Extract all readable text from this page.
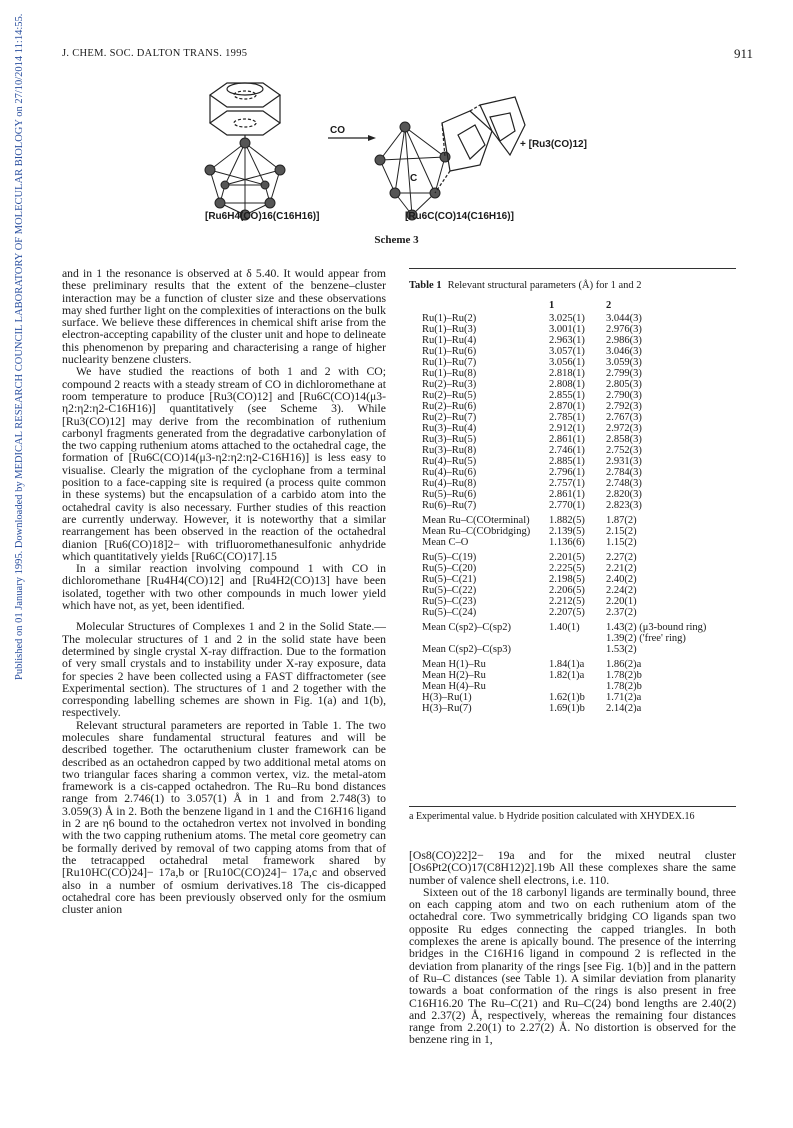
Published on 01 January 1995. Downloaded by MEDICAL RESEARCH COUNCIL LABORATORY OF MOLECULAR BIOLOGY on 27/10/2014 11:14:55.	J. CHEM. SOC. DALTON TRANS. 1995	911
C
CO
+ [Ru3(CO)12]
[Ru6H4(CO)16(C16H16)]	[Ru6C(CO)14(C16H16)]
Scheme 3

and in 1 the resonance is observed at δ 5.40. It would appear from these preliminary results that the extent of the benzene–cluster interaction may be a function of cluster size and these observations may shed further light on the complexities of interactions on the bulk surface. We believe these differences in chemical shift arise from the electron-accepting capability of the cluster unit and hope to delineate this phenomenon by preparing and characterising a range of higher nuclearity benzene clusters.

We have studied the reactions of both 1 and 2 with CO; compound 2 reacts with a steady stream of CO in dichloromethane at room temperature to produce [Ru3(CO)12] and [Ru6C(CO)14(μ3-η2:η2:η2-C16H16)] quantitatively (see Scheme 3). While [Ru3(CO)12] may derive from the recombination of ruthenium carbonyl fragments generated from the degradative carbonylation of the two capping ruthenium atoms attached to the octahedral cage, the formation of [Ru6C(CO)14(μ3-η2:η2:η2-C16H16)] is less easy to visualise. Clearly the migration of the cyclophane from a terminal position to a face-capping site is required (a process quite common in these systems) but the encapsulation of a carbido atom into the octahedral cavity is also necessary. Further studies of this reaction are currently underway. However, it is noteworthy that a similar rearrangement has been observed in the reaction of the octahedral dianion [Ru6(CO)18]2− with trifluoromethanesulfonic anhydride which quantitatively yields [Ru6C(CO)17].15

In a similar reaction involving compound 1 with CO in dichloromethane [Ru4H4(CO)12] and [Ru4H2(CO)13] have been isolated, together with two other compounds in much lower yield which have not, as yet, been identified.

Molecular Structures of Complexes 1 and 2 in the Solid State.—The molecular structures of 1 and 2 in the solid state have been determined by single crystal X-ray diffraction. Due to the formation of very small crystals and to instability under X-ray exposure, data for species 2 have been collected using a FAST diffractometer (see Experimental section). The structures of 1 and 2 together with the corresponding labelling schemes are shown in Fig. 1(a) and 1(b), respectively.

Relevant structural parameters are reported in Table 1. The two molecules share fundamental structural features and will be described together. The octaruthenium cluster framework can be described as an octahedron capped by two additional metal atoms on two triangular faces sharing a common vertex, viz. the metal-atom framework is a cis-capped octahedron. The Ru–Ru bond distances range from 2.746(1) to 3.057(1) Å in 1 and from 2.748(3) to 3.059(3) Å in 2. Both the benzene ligand in 1 and the C16H16 ligand in 2 are η6 bound to the octahedron vertex not involved in bonding with the two capping ruthenium atoms. The metal core geometry can be formally derived by removal of two capping atoms from that of the tetracapped octahedral metal framework shared by [Ru10HC(CO)24]− 17a,b or [Ru10C(CO)24]− 17a,c and observed also in a number of osmium derivatives.18 The cis-dicapped octahedral core has been previously observed only for the osmium cluster anion

Table 1 Relevant structural parameters (Å) for 1 and 2
	1	2
Ru(1)–Ru(2)	3.025(1)	3.044(3)
Ru(1)–Ru(3)	3.001(1)	2.976(3)
Ru(1)–Ru(4)	2.963(1)	2.986(3)
Ru(1)–Ru(6)	3.057(1)	3.046(3)
Ru(1)–Ru(7)	3.056(1)	3.059(3)
Ru(1)–Ru(8)	2.818(1)	2.799(3)
Ru(2)–Ru(3)	2.808(1)	2.805(3)
Ru(2)–Ru(5)	2.855(1)	2.790(3)
Ru(2)–Ru(6)	2.870(1)	2.792(3)
Ru(2)–Ru(7)	2.785(1)	2.767(3)
Ru(3)–Ru(4)	2.912(1)	2.972(3)
Ru(3)–Ru(5)	2.861(1)	2.858(3)
Ru(3)–Ru(8)	2.746(1)	2.752(3)
Ru(4)–Ru(5)	2.885(1)	2.931(3)
Ru(4)–Ru(6)	2.796(1)	2.784(3)
Ru(4)–Ru(8)	2.757(1)	2.748(3)
Ru(5)–Ru(6)	2.861(1)	2.820(3)
Ru(6)–Ru(7)	2.770(1)	2.823(3)
Mean Ru–C(COterminal)	1.882(5)	1.87(2)
Mean Ru–C(CObridging)	2.139(5)	2.15(2)
Mean C–O	1.136(6)	1.15(2)
Ru(5)–C(19)	2.201(5)	2.27(2)
Ru(5)–C(20)	2.225(5)	2.21(2)
Ru(5)–C(21)	2.198(5)	2.40(2)
Ru(5)–C(22)	2.206(5)	2.24(2)
Ru(5)–C(23)	2.212(5)	2.20(1)
Ru(5)–C(24)	2.207(5)	2.37(2)
Mean C(sp2)–C(sp2)	1.40(1)	1.43(2) (μ3-bound ring)
		1.39(2) ('free' ring)
Mean C(sp2)–C(sp3)		1.53(2)
Mean H(1)–Ru	1.84(1)a	1.86(2)a
Mean H(2)–Ru	1.82(1)a	1.78(2)b
Mean H(4)–Ru		1.78(2)b
H(3)–Ru(1)	1.62(1)b	1.71(2)a
H(3)–Ru(7)	1.69(1)b	2.14(2)a
a Experimental value. b Hydride position calculated with XHYDEX.16

[Os8(CO)22]2− 19a and for the mixed neutral cluster [Os6Pt2(CO)17(C8H12)2].19b All these complexes share the same number of valence shell electrons, i.e. 110.

Sixteen out of the 18 carbonyl ligands are terminally bound, three on each capping atom and two on each ruthenium atom of the octahedral core. Two symmetrically bridging CO ligands span two opposite Ru edges connecting the capped triangles. In both complexes the arene is apically bound. The presence of the interring bridges in the C16H16 ligand in compound 2 is reflected in the deviation from planarity of the rings [see Fig. 1(b)] and in the pattern of Ru–C distances (see Table 1). A similar deviation from planarity towards a boat conformation of the rings is also present in free C16H16.20 The Ru–C(21) and Ru–C(24) bond lengths are 2.40(2) and 2.37(2) Å, respectively, whereas the remaining four distances range from 2.20(1) to 2.27(2) Å. No distortion is observed for the benzene ring in 1,
